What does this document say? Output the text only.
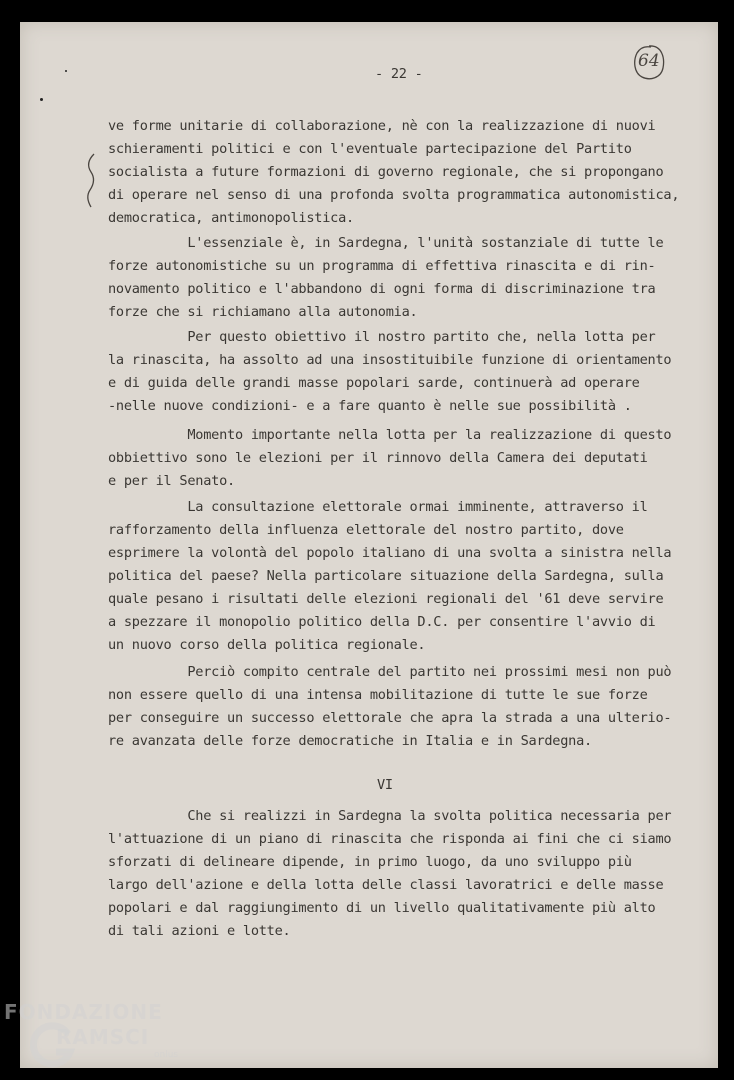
- 22 -
64
ve forme unitarie di collaborazione, nè con la realizzazione di nuovi
schieramenti politici e con l'eventuale partecipazione del Partito
socialista a future formazioni di governo regionale, che si propongano
di operare nel senso di una profonda svolta programmatica autonomistica,
democratica, antimonopolistica.
L'essenziale è, in Sardegna, l'unità sostanziale di tutte le
forze autonomistiche su un programma di effettiva rinascita e di rin-
novamento politico e l'abbandono di ogni forma di discriminazione tra
forze che si richiamano alla autonomia.
Per questo obiettivo il nostro partito che, nella lotta per
la rinascita, ha assolto ad una insostituibile funzione di orientamento
e di guida delle grandi masse popolari sarde, continuerà ad operare
-nelle nuove condizioni- e a fare quanto è nelle sue possibilità .
Momento importante nella lotta per la realizzazione di questo
obbiettivo sono le elezioni per il rinnovo della Camera dei deputati
e per il Senato.
La consultazione elettorale ormai imminente, attraverso il
rafforzamento della influenza elettorale del nostro partito, dove
esprimere la volontà del popolo italiano di una svolta a sinistra nella
politica del paese? Nella particolare situazione della Sardegna, sulla
quale pesano i risultati delle elezioni regionali del '61 deve servire
a spezzare il monopolio politico della D.C. per consentire l'avvio di
un nuovo corso della politica regionale.
Perciò compito centrale del partito nei prossimi mesi non può
non essere quello di una intensa mobilitazione di tutte le sue forze
per conseguire un successo elettorale che apra la strada a una ulterio-
re avanzata delle forze democratiche in Italia e in Sardegna.
Che si realizzi in Sardegna la svolta politica necessaria per
l'attuazione di un piano di rinascita che risponda ai fini che ci siamo
sforzati di delineare dipende, in primo luogo, da uno sviluppo più
largo dell'azione e della lotta delle classi lavoratrici e delle masse
popolari e dal raggiungimento di un livello qualitativamente più alto
di tali azioni e lotte.
VI
FONDAZIONE
RAMSCI
onlus
